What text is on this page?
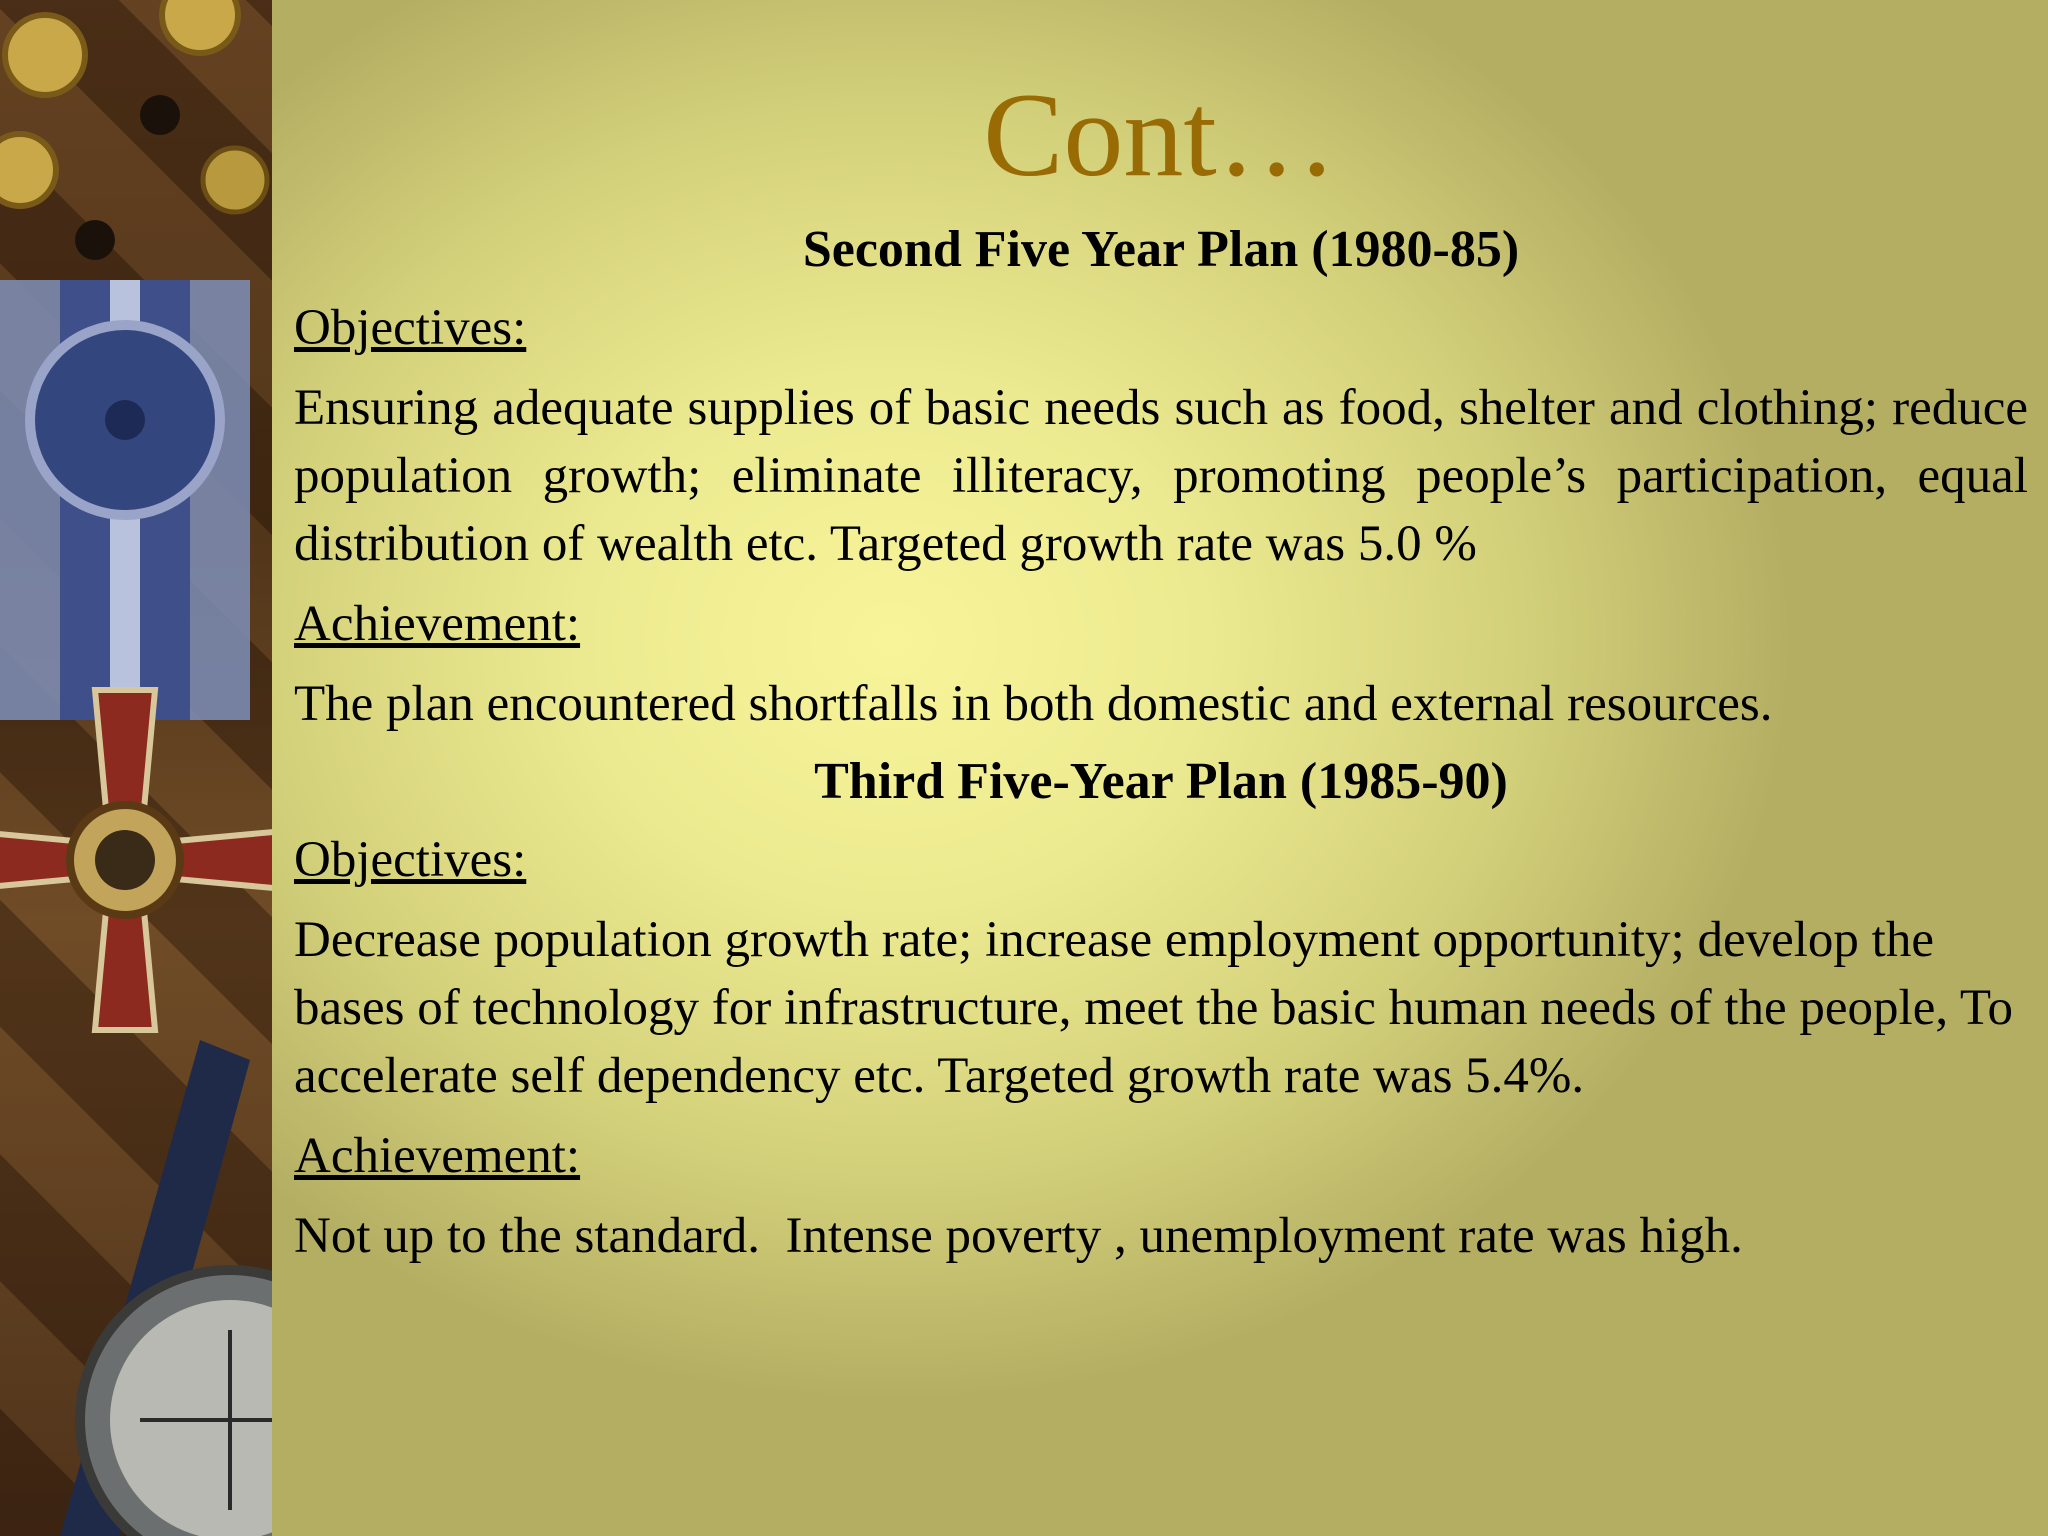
Cont…

Second Five Year Plan (1980-85)

Objectives:

Ensuring adequate supplies of basic needs such as food, shelter and clothing; reduce population growth; eliminate illiteracy, promoting people’s participation, equal distribution of wealth etc. Targeted growth rate was 5.0 %

Achievement:

The plan encountered shortfalls in both domestic and external resources.

Third Five-Year Plan (1985-90)

Objectives:

Decrease population growth rate; increase employment opportunity; develop the bases of technology for infrastructure, meet the basic human needs of the people, To accelerate self dependency etc. Targeted growth rate was 5.4%.

Achievement:

Not up to the standard.  Intense poverty , unemployment rate was high.
